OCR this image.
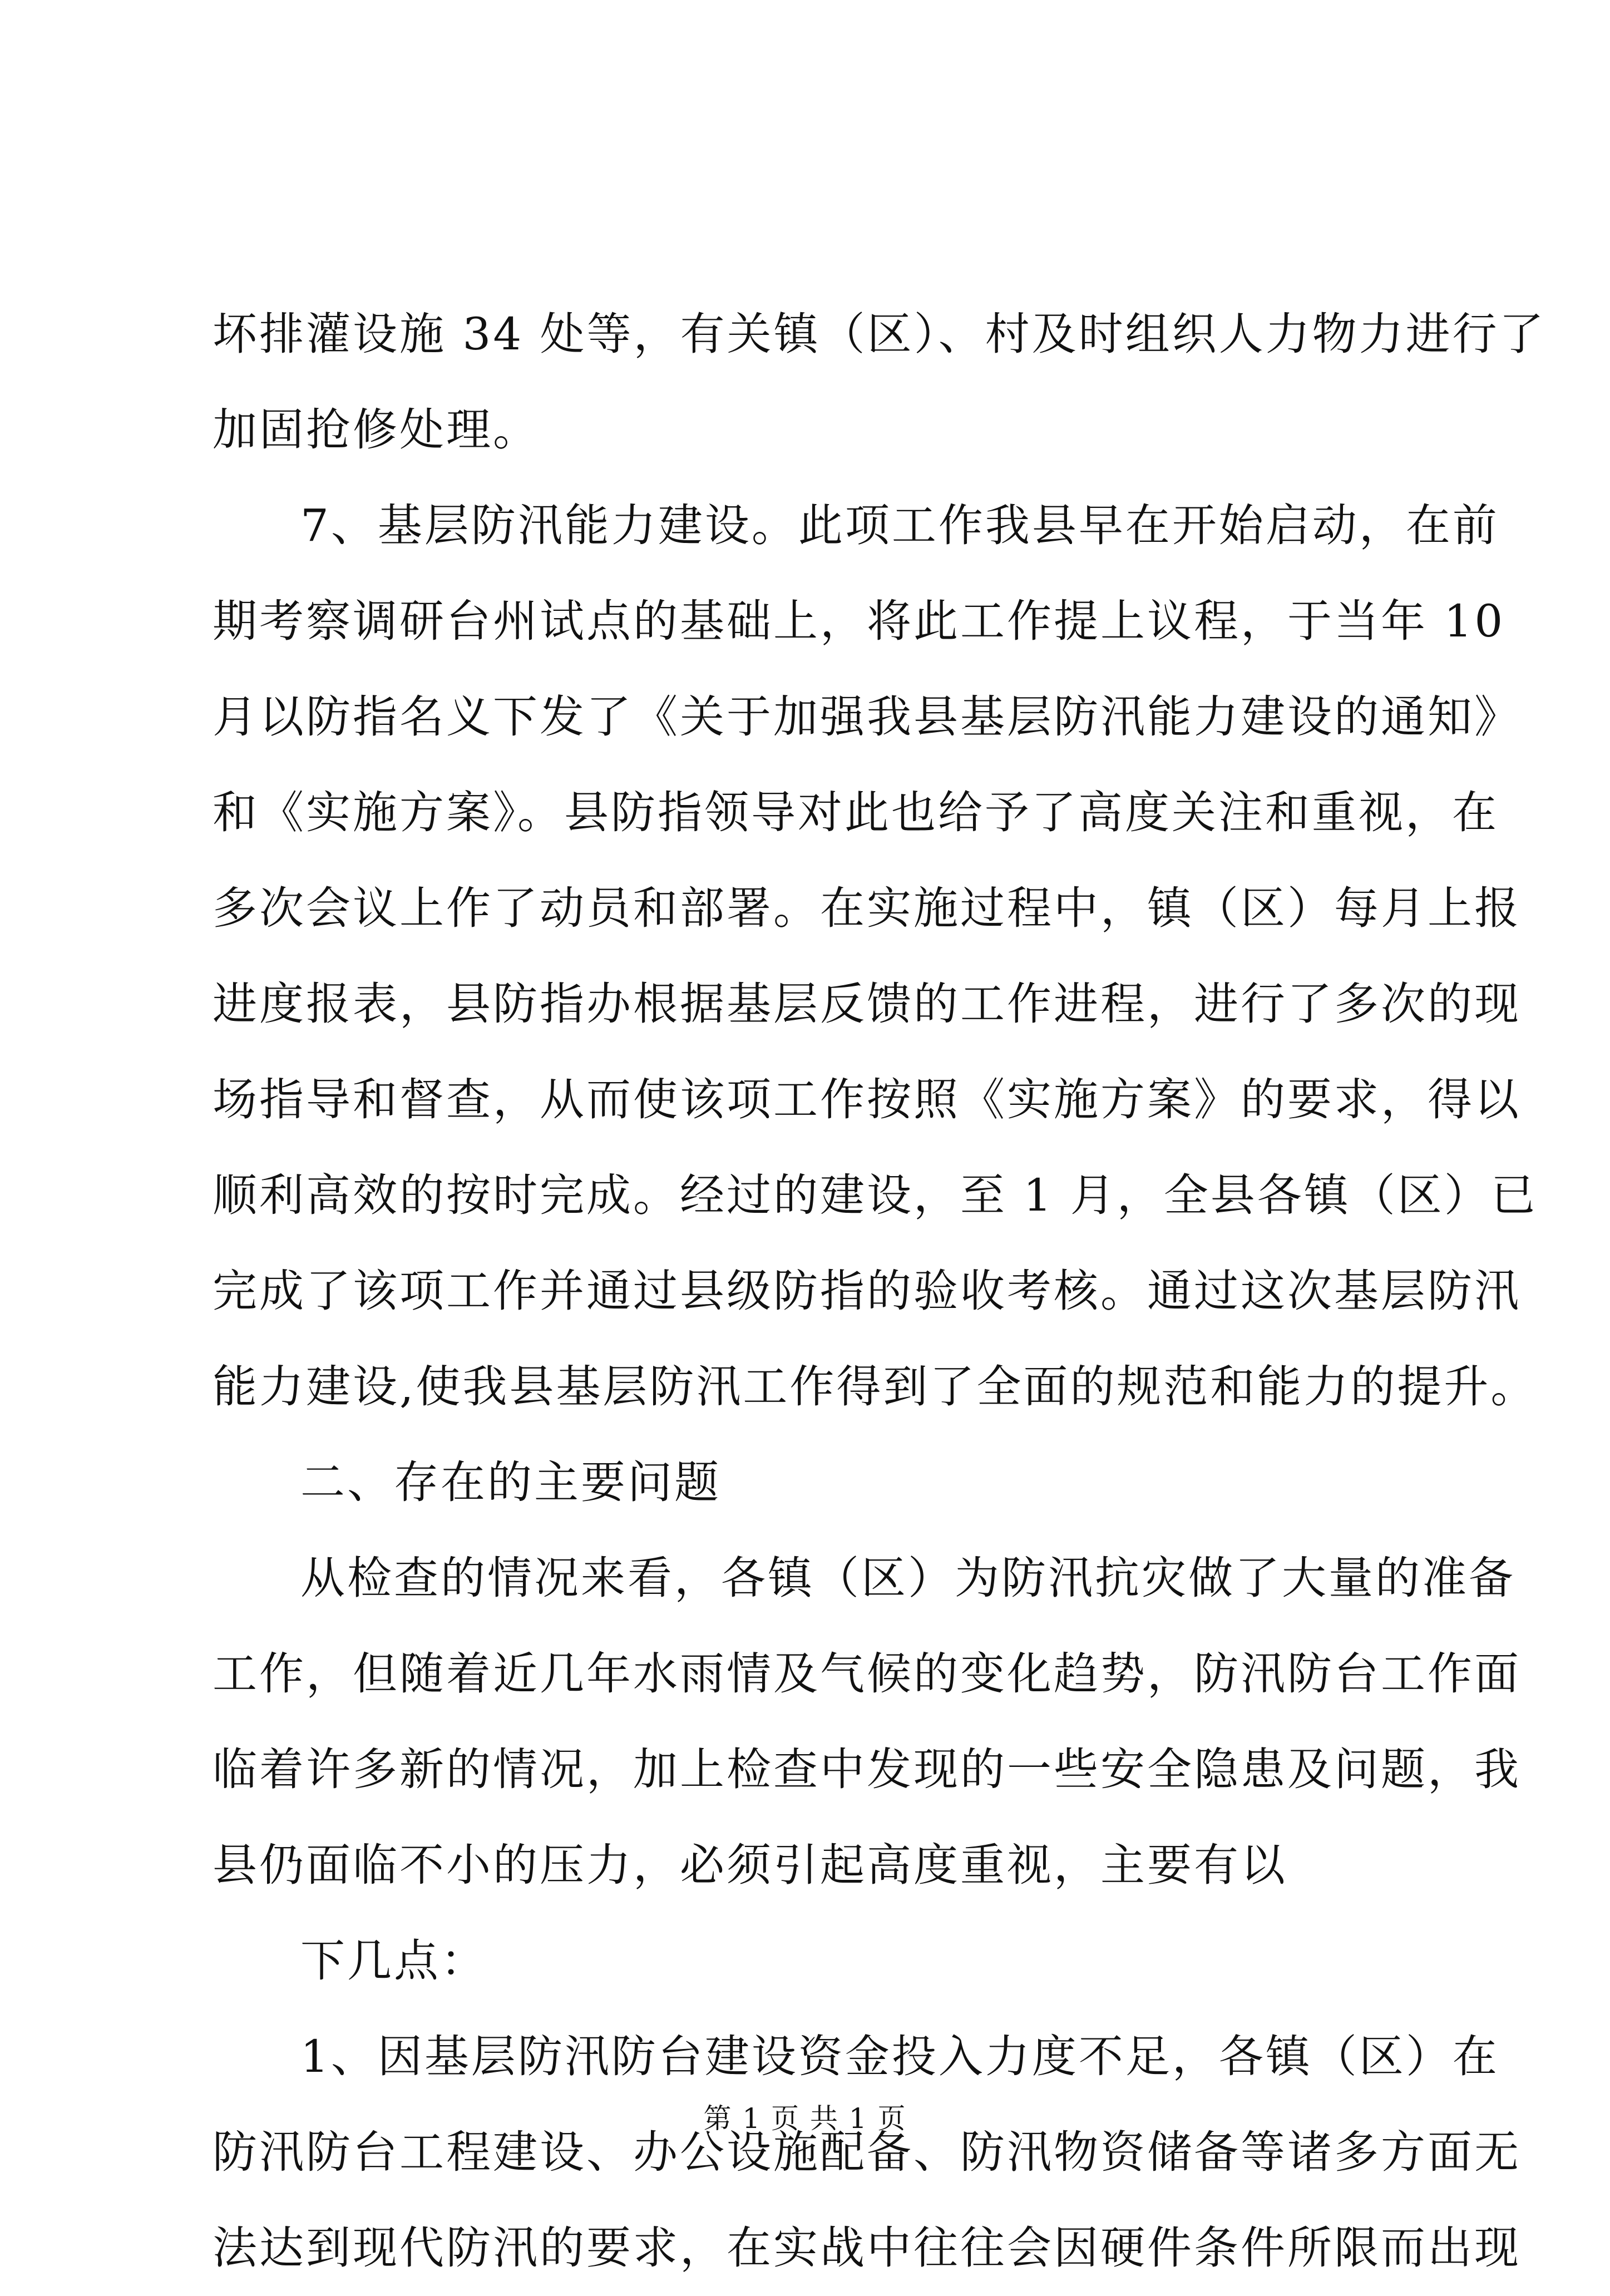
坏排灌设施 34 处等，有关镇（区）、村及时组织人力物力进行了
加固抢修处理。
7、基层防汛能力建设。此项工作我县早在开始启动，在前
期考察调研台州试点的基础上，将此工作提上议程，于当年 10
月以防指名义下发了《关于加强我县基层防汛能力建设的通知》
和《实施方案》。县防指领导对此也给予了高度关注和重视，在
多次会议上作了动员和部署。在实施过程中，镇（区）每月上报
进度报表，县防指办根据基层反馈的工作进程，进行了多次的现
场指导和督查，从而使该项工作按照《实施方案》的要求，得以
顺利高效的按时完成。经过的建设，至 1 月，全县各镇（区）已
完成了该项工作并通过县级防指的验收考核。通过这次基层防汛
能力建设,使我县基层防汛工作得到了全面的规范和能力的提升。
二、存在的主要问题
从检查的情况来看，各镇（区）为防汛抗灾做了大量的准备
工作，但随着近几年水雨情及气候的变化趋势，防汛防台工作面
临着许多新的情况，加上检查中发现的一些安全隐患及问题，我
县仍面临不小的压力，必须引起高度重视，主要有以
下几点：
1、因基层防汛防台建设资金投入力度不足，各镇（区）在
防汛防台工程建设、办公设施配备、防汛物资储备等诸多方面无
法达到现代防汛的要求，在实战中往往会因硬件条件所限而出现
第 1 页 共 1 页
